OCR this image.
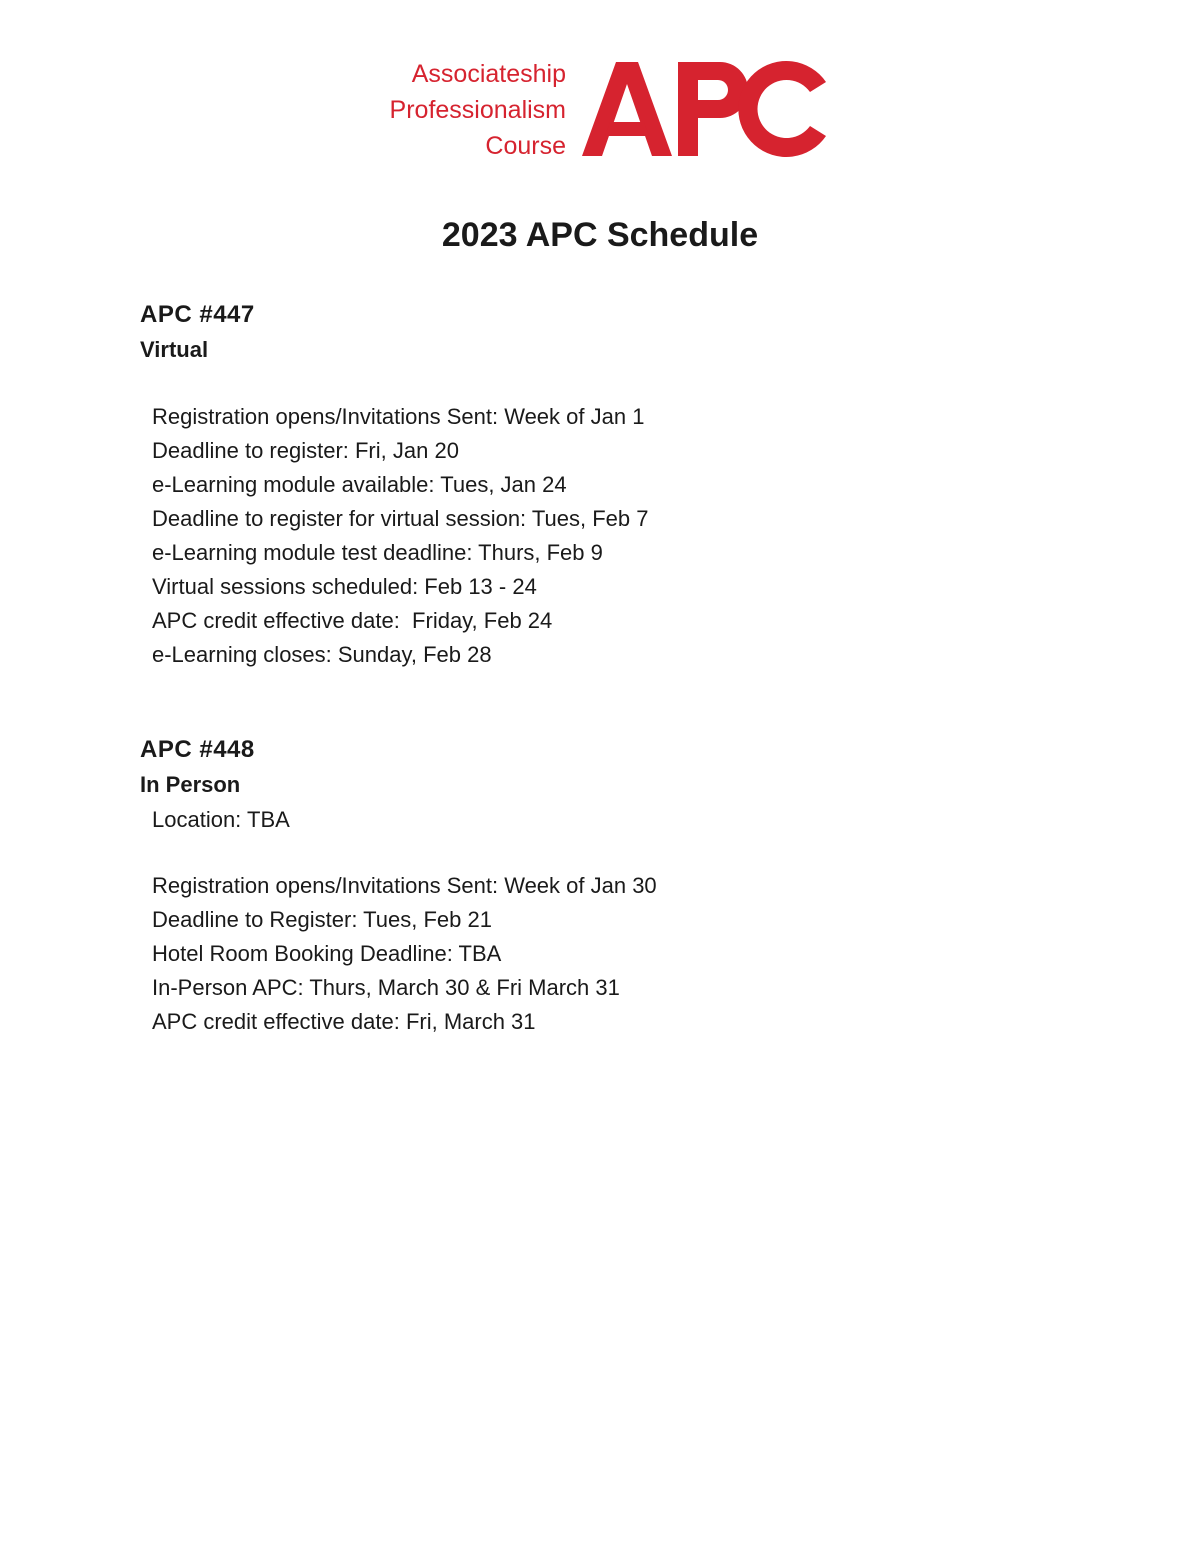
Associateship
Professionalism
Course
2023 APC Schedule
APC #447
Virtual
Registration opens/Invitations Sent: Week of Jan 1
Deadline to register: Fri, Jan 20
e-Learning module available: Tues, Jan 24
Deadline to register for virtual session: Tues, Feb 7
e-Learning module test deadline: Thurs, Feb 9
Virtual sessions scheduled: Feb 13 - 24
APC credit effective date:  Friday, Feb 24
e-Learning closes: Sunday, Feb 28
APC #448
In Person
Location: TBA
Registration opens/Invitations Sent: Week of Jan 30
Deadline to Register: Tues, Feb 21
Hotel Room Booking Deadline: TBA
In-Person APC: Thurs, March 30 & Fri March 31
APC credit effective date: Fri, March 31
